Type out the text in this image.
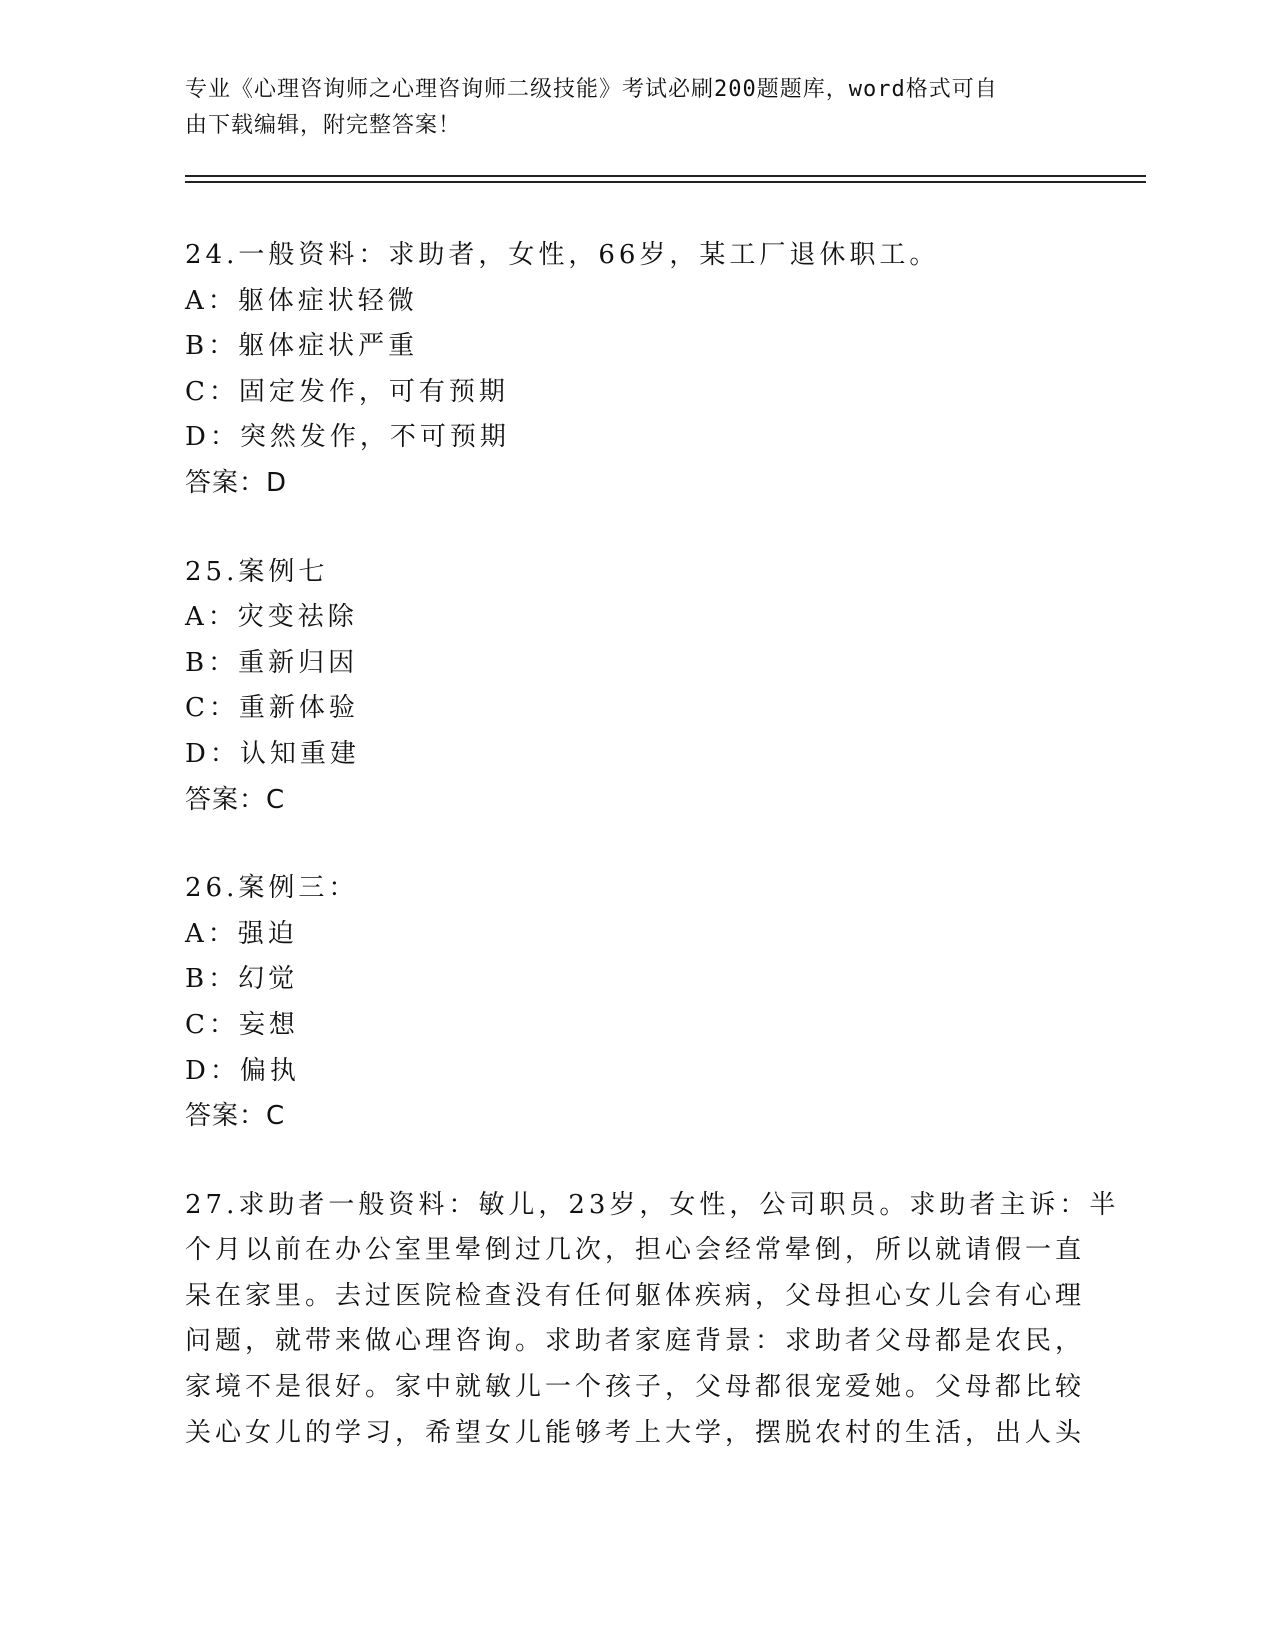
专业《心理咨询师之心理咨询师二级技能》考试必刷200题题库，word格式可自
由下载编辑，附完整答案！
24.一般资料：求助者，女性，66岁，某工厂退休职工。
A：躯体症状轻微
B：躯体症状严重
C：固定发作，可有预期
D：突然发作，不可预期
答案：D
25.案例七
A：灾变祛除
B：重新归因
C：重新体验
D：认知重建
答案：C
26.案例三：
A：强迫
B：幻觉
C：妄想
D：偏执
答案：C
27.求助者一般资料：敏儿，23岁，女性，公司职员。求助者主诉：半
个月以前在办公室里晕倒过几次，担心会经常晕倒，所以就请假一直
呆在家里。去过医院检查没有任何躯体疾病，父母担心女儿会有心理
问题，就带来做心理咨询。求助者家庭背景：求助者父母都是农民，
家境不是很好。家中就敏儿一个孩子，父母都很宠爱她。父母都比较
关心女儿的学习，希望女儿能够考上大学，摆脱农村的生活，出人头
